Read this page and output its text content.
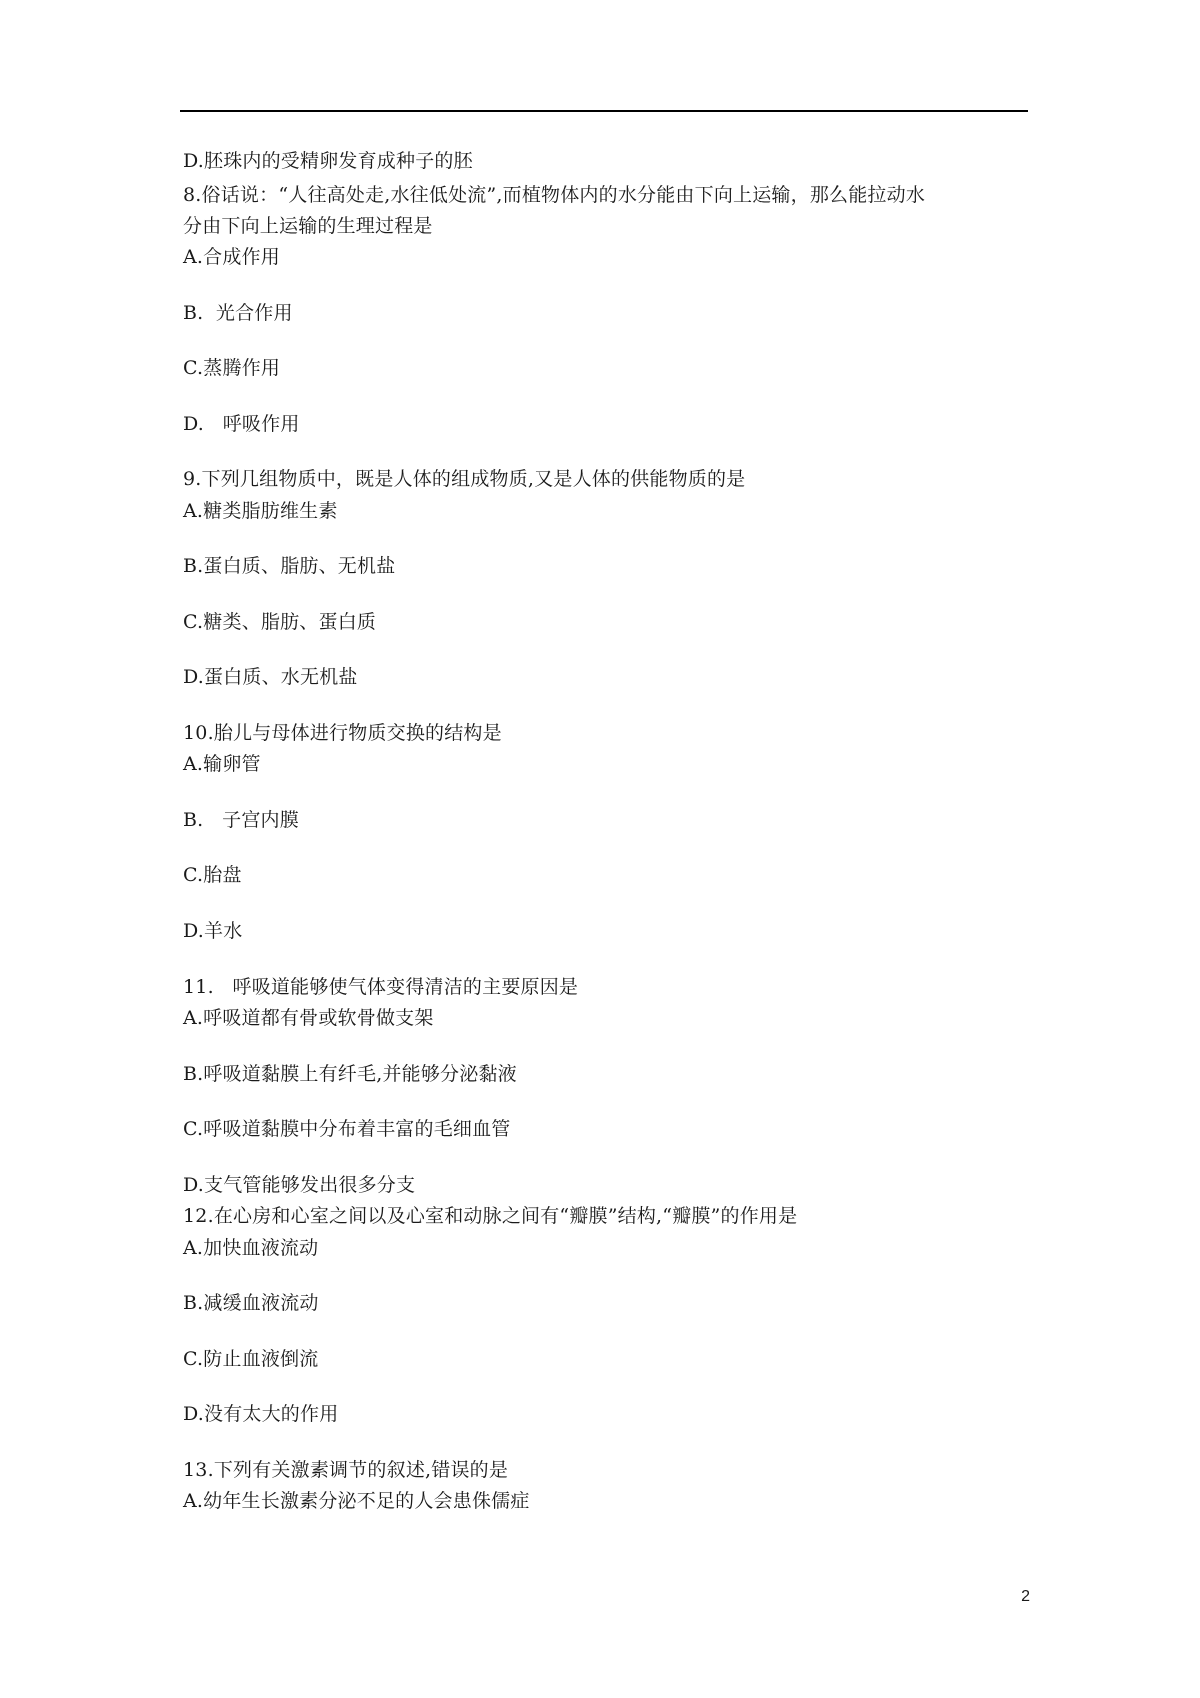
D.胚珠内的受精卵发育成种子的胚
8.俗话说：“人往高处走,水往低处流”,而植物体内的水分能由下向上运输，那么能拉动水
分由下向上运输的生理过程是
A.合成作用
B.  光合作用
C.蒸腾作用
D.   呼吸作用
9.下列几组物质中，既是人体的组成物质,又是人体的供能物质的是
A.糖类脂肪维生素
B.蛋白质、脂肪、无机盐
C.糖类、脂肪、蛋白质
D.蛋白质、水无机盐
10.胎儿与母体进行物质交换的结构是
A.输卵管
B.   子宫内膜
C.胎盘
D.羊水
11.   呼吸道能够使气体变得清洁的主要原因是
A.呼吸道都有骨或软骨做支架
B.呼吸道黏膜上有纤毛,并能够分泌黏液
C.呼吸道黏膜中分布着丰富的毛细血管
D.支气管能够发出很多分支
12.在心房和心室之间以及心室和动脉之间有“瓣膜”结构,“瓣膜”的作用是
A.加快血液流动
B.减缓血液流动
C.防止血液倒流
D.没有太大的作用
13.下列有关激素调节的叙述,错误的是
A.幼年生长激素分泌不足的人会患侏儒症
2
